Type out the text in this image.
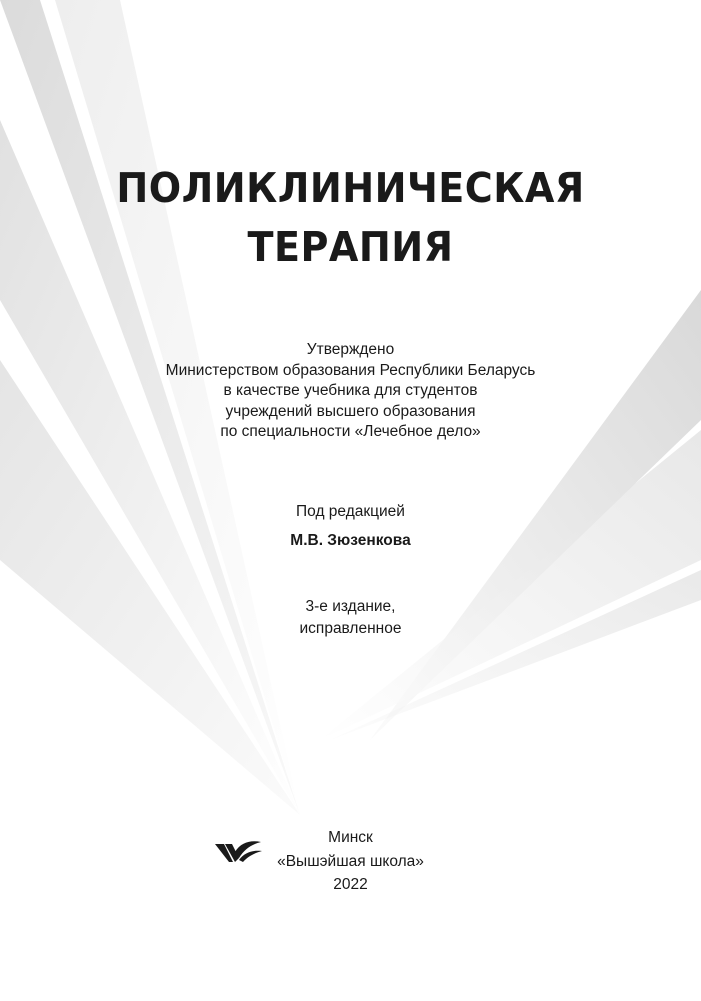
ПОЛИКЛИНИЧЕСКАЯ
ТЕРАПИЯ
Утверждено
Министерством образования Республики Беларусь
в качестве учебника для студентов
учреждений высшего образования
по специальности «Лечебное дело»
Под редакцией
М.В. Зюзенкова
3-е издание,
исправленное
Минск
«Вышэйшая школа»
2022
